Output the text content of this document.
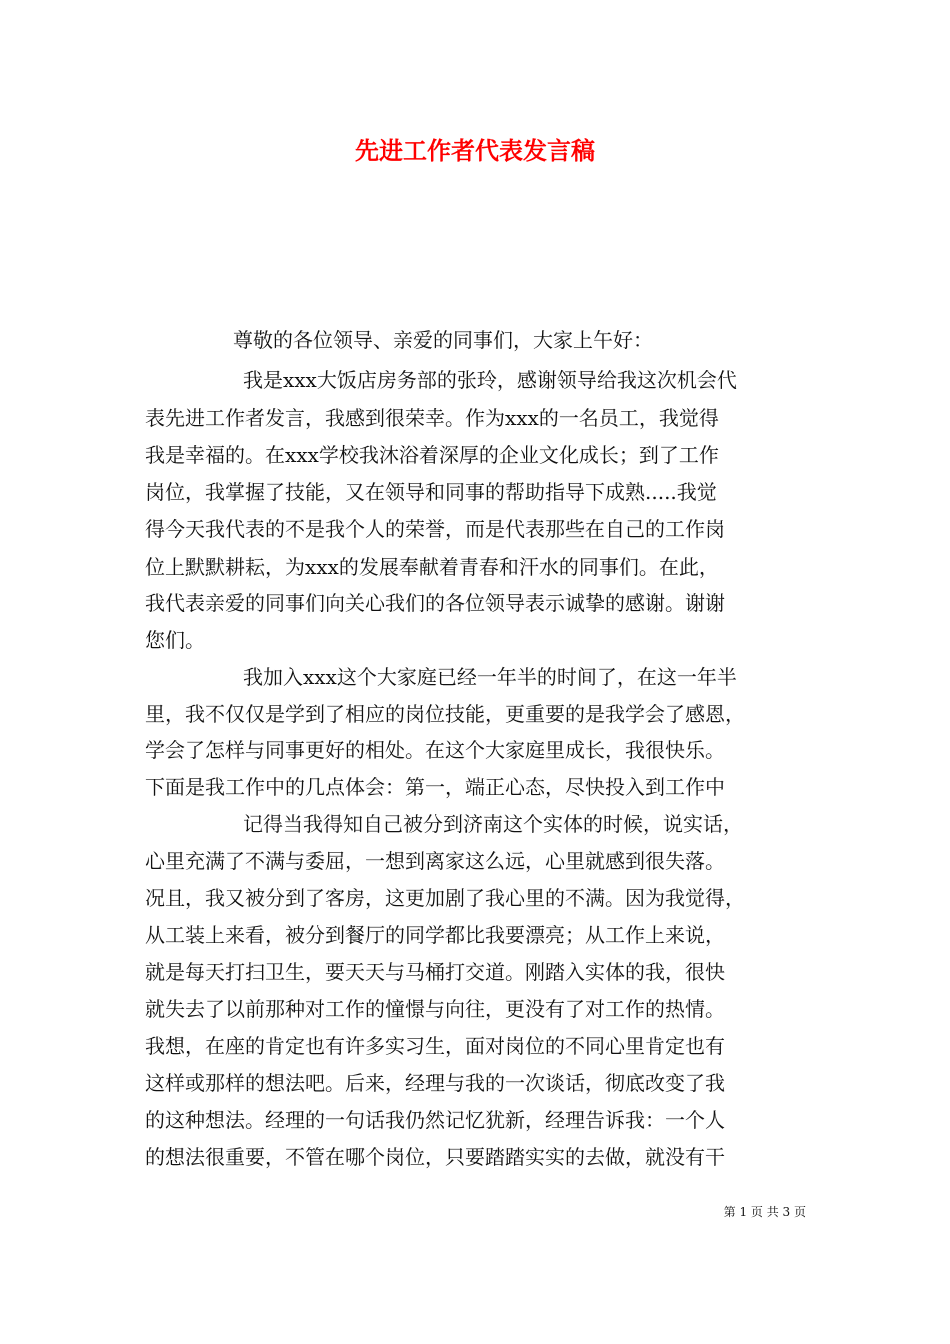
先进工作者代表发言稿
尊敬的各位领导、亲爱的同事们，大家上午好：
我是xxx大饭店房务部的张玲，感谢领导给我这次机会代
表先进工作者发言，我感到很荣幸。作为xxx的一名员工，我觉得
我是幸福的。在xxx学校我沐浴着深厚的企业文化成长；到了工作
岗位，我掌握了技能，又在领导和同事的帮助指导下成熟.....我觉
得今天我代表的不是我个人的荣誉，而是代表那些在自己的工作岗
位上默默耕耘，为xxx的发展奉献着青春和汗水的同事们。在此，
我代表亲爱的同事们向关心我们的各位领导表示诚挚的感谢。谢谢
您们。
我加入xxx这个大家庭已经一年半的时间了，在这一年半
里，我不仅仅是学到了相应的岗位技能，更重要的是我学会了感恩，
学会了怎样与同事更好的相处。在这个大家庭里成长，我很快乐。
下面是我工作中的几点体会：第一，端正心态，尽快投入到工作中
记得当我得知自己被分到济南这个实体的时候，说实话，
心里充满了不满与委屈，一想到离家这么远，心里就感到很失落。
况且，我又被分到了客房，这更加剧了我心里的不满。因为我觉得，
从工装上来看，被分到餐厅的同学都比我要漂亮；从工作上来说，
就是每天打扫卫生，要天天与马桶打交道。刚踏入实体的我，很快
就失去了以前那种对工作的憧憬与向往，更没有了对工作的热情。
我想，在座的肯定也有许多实习生，面对岗位的不同心里肯定也有
这样或那样的想法吧。后来，经理与我的一次谈话，彻底改变了我
的这种想法。经理的一句话我仍然记忆犹新，经理告诉我：一个人
的想法很重要，不管在哪个岗位，只要踏踏实实的去做，就没有干
第 1 页 共 3 页
